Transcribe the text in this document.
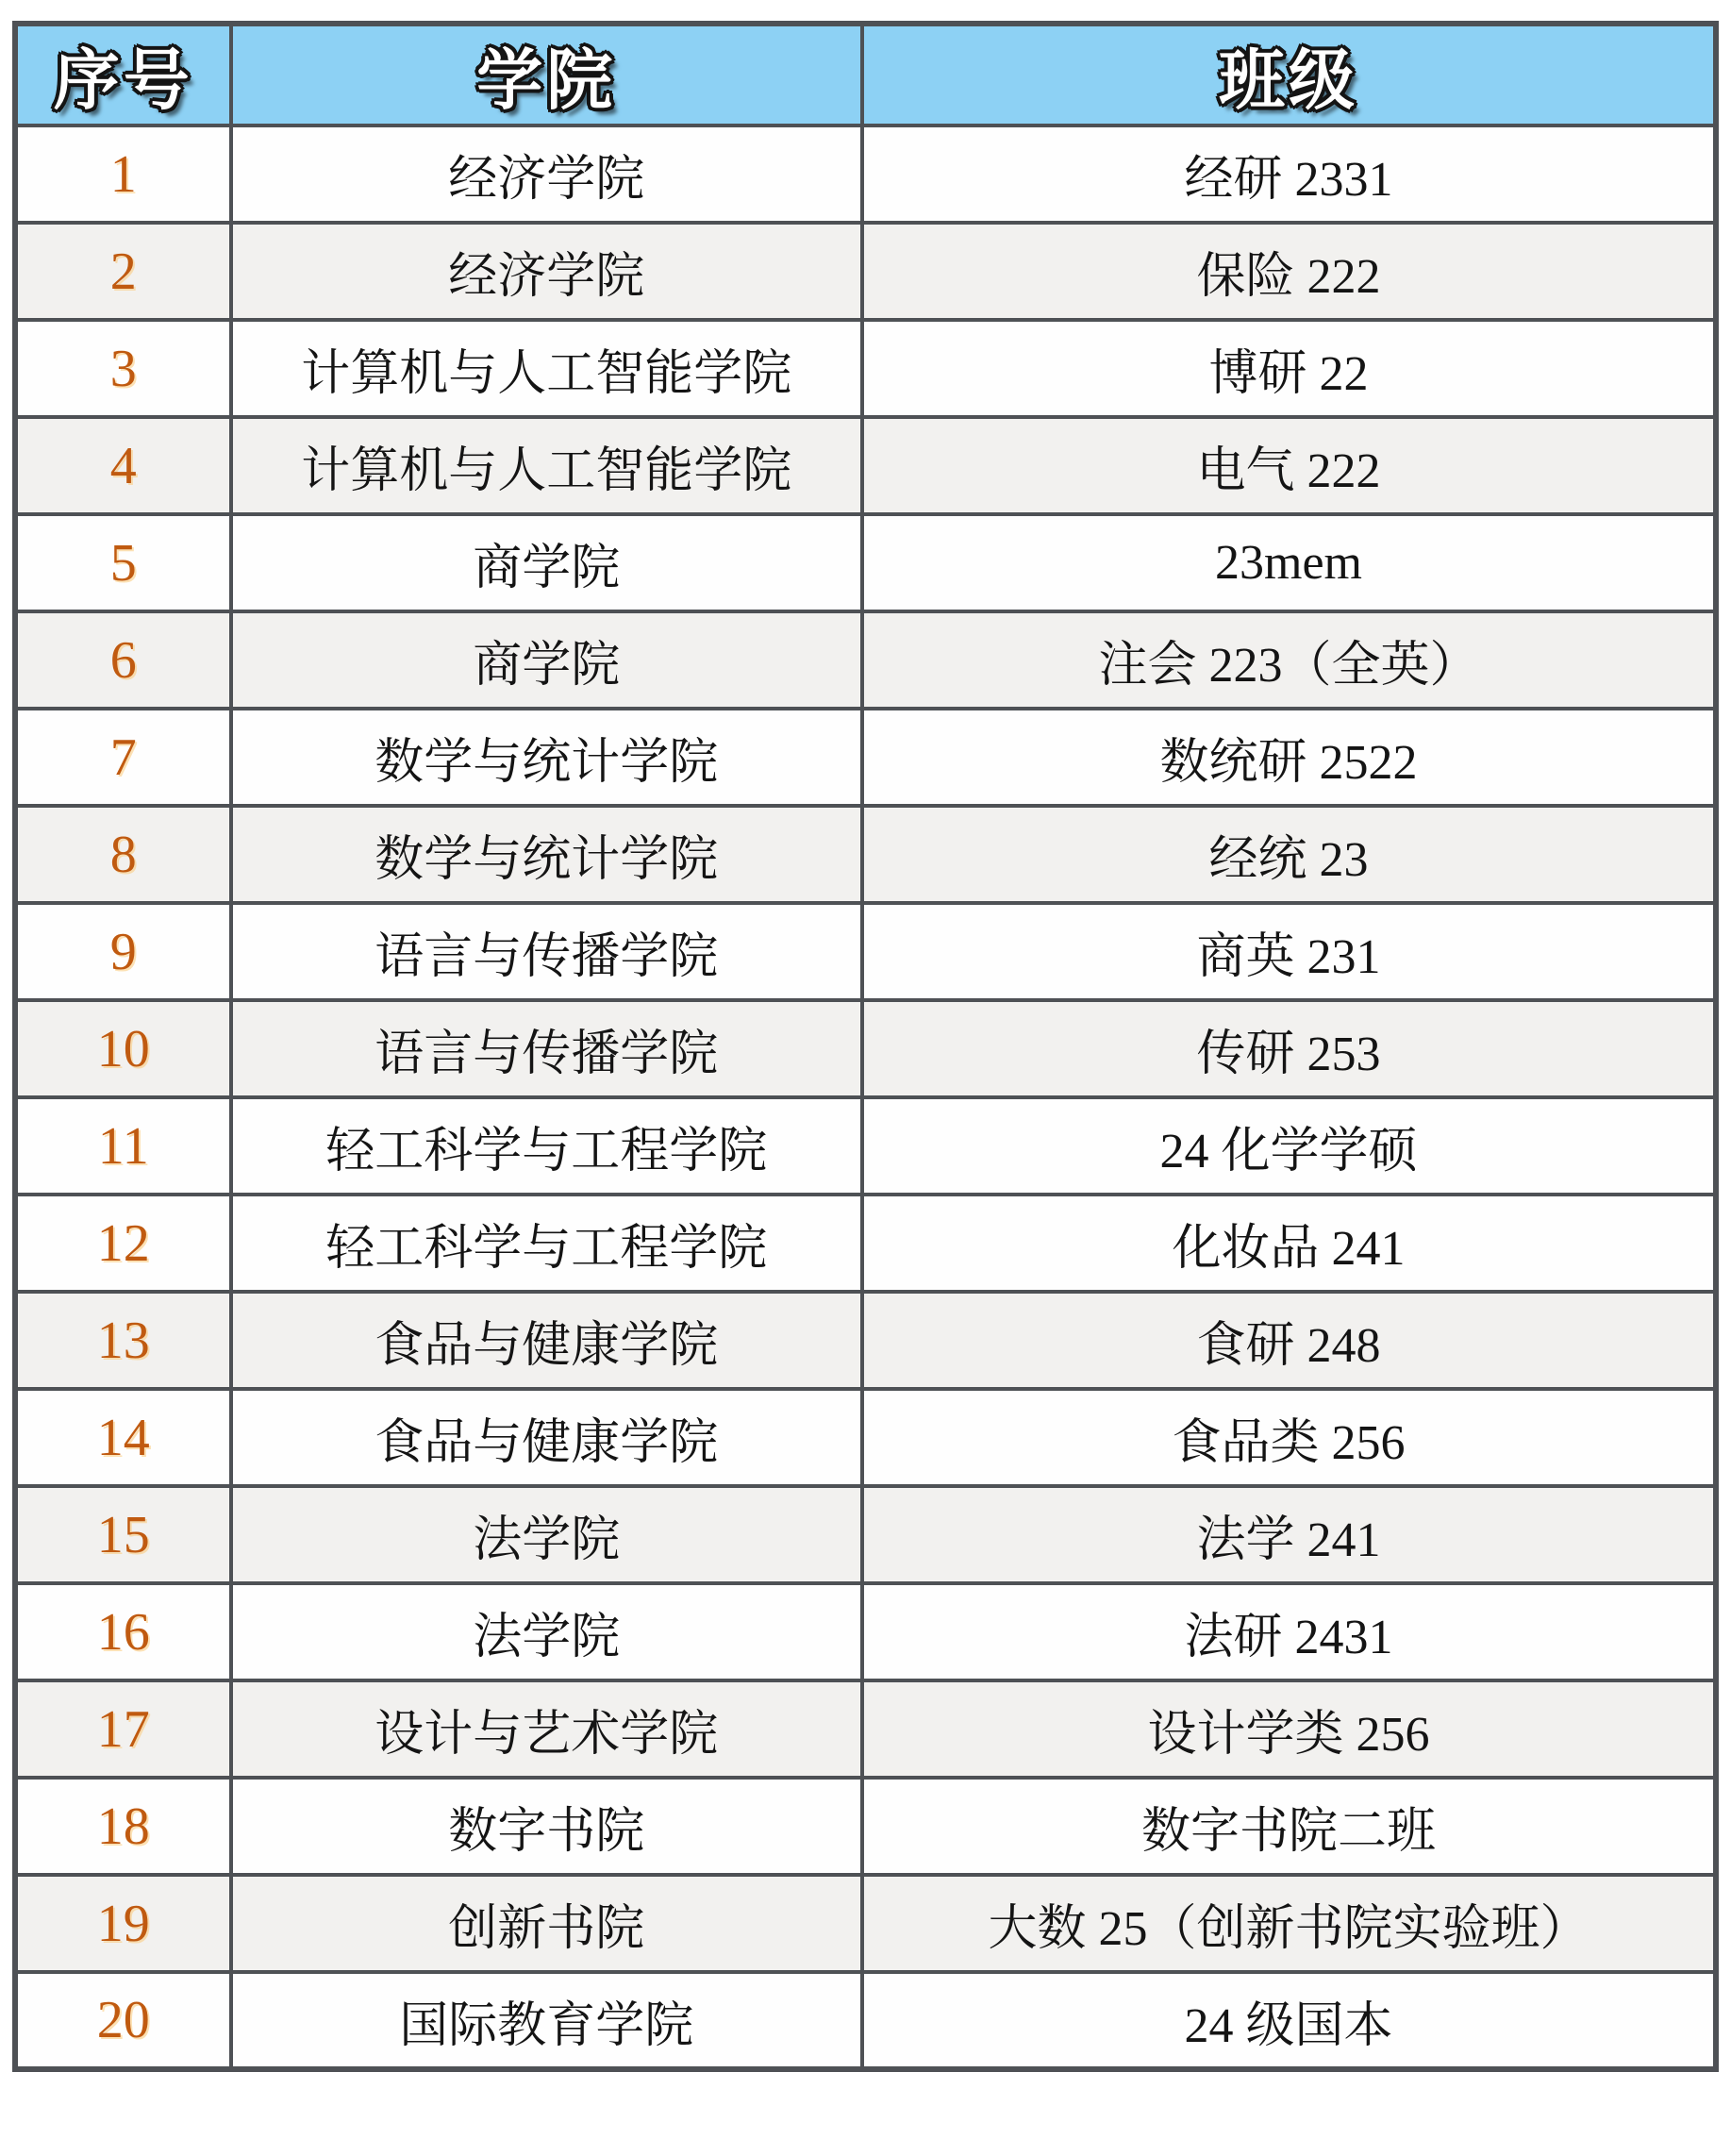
序号	学院	班级
1	经济学院	经研 2331
2	经济学院	保险 222
3	计算机与人工智能学院	博研 22
4	计算机与人工智能学院	电气 222
5	商学院	23mem
6	商学院	注会 223（全英）
7	数学与统计学院	数统研 2522
8	数学与统计学院	经统 23
9	语言与传播学院	商英 231
10	语言与传播学院	传研 253
11	轻工科学与工程学院	24 化学学硕
12	轻工科学与工程学院	化妆品 241
13	食品与健康学院	食研 248
14	食品与健康学院	食品类 256
15	法学院	法学 241
16	法学院	法研 2431
17	设计与艺术学院	设计学类 256
18	数字书院	数字书院二班
19	创新书院	大数 25（创新书院实验班）
20	国际教育学院	24 级国本
